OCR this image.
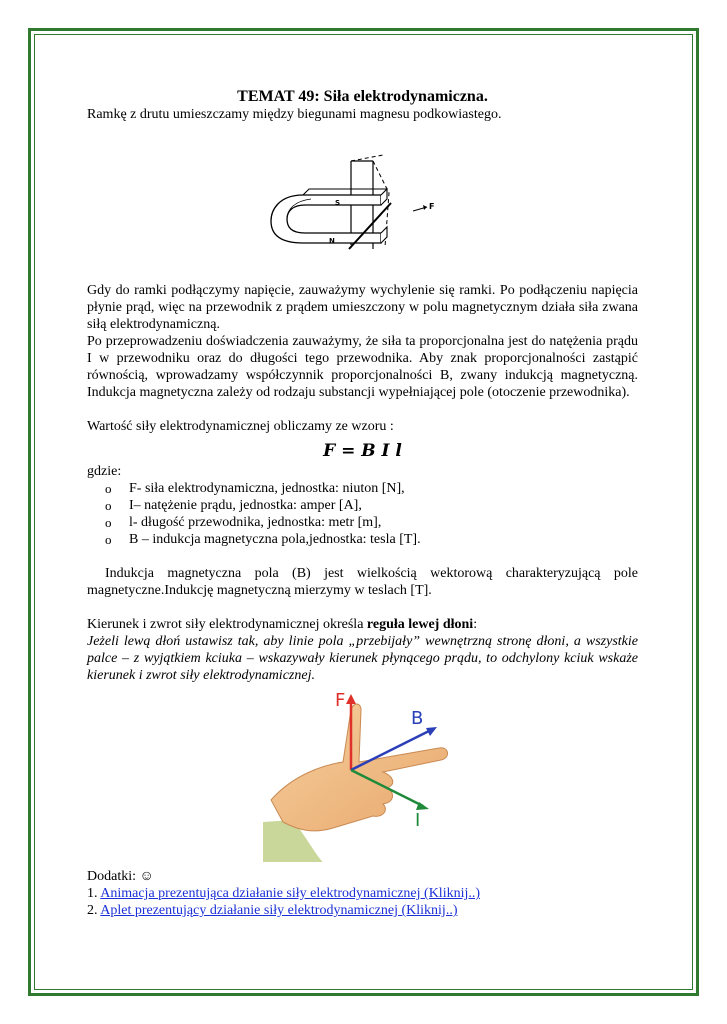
TEMAT 49: Siła elektrodynamiczna.

Ramkę z drutu umieszczamy między biegunami magnesu podkowiastego.

S
N
F

Gdy do ramki podłączymy napięcie, zauważymy wychylenie się ramki. Po podłączeniu napięcia płynie prąd, więc na przewodnik z prądem umieszczony w polu magnetycznym działa siła zwana siłą elektrodynamiczną.

Po przeprowadzeniu doświadczenia zauważymy, że siła ta proporcjonalna jest do natężenia prądu I w przewodniku oraz do długości tego przewodnika. Aby znak proporcjonalności zastąpić równością, wprowadzamy współczynnik proporcjonalności B, zwany indukcją magnetyczną. Indukcja magnetyczna zależy od rodzaju substancji wypełniającej pole (otoczenie przewodnika).

Wartość siły elektrodynamicznej obliczamy ze wzoru :

F = B I l

gdzie:

o F- siła elektrodynamiczna, jednostka: niuton [N],
o I– natężenie prądu, jednostka: amper [A],
o l- długość przewodnika, jednostka: metr [m],
o B – indukcja magnetyczna pola,jednostka: tesla [T].

Indukcja magnetyczna pola (B) jest wielkością wektorową charakteryzującą pole magnetyczne.Indukcję magnetyczną mierzymy w teslach [T].

Kierunek i zwrot siły elektrodynamicznej określa reguła lewej dłoni:

Jeżeli lewą dłoń ustawisz tak, aby linie pola „przebijały” wewnętrzną stronę dłoni, a wszystkie palce – z wyjątkiem kciuka – wskazywały kierunek płynącego prądu, to odchylony kciuk wskaże kierunek i zwrot siły elektrodynamicznej.

F
B
I

Dodatki: ☺

1. Animacja prezentująca działanie siły elektrodynamicznej (Kliknij..)

2. Aplet prezentujący działanie siły elektrodynamicznej (Kliknij..)
